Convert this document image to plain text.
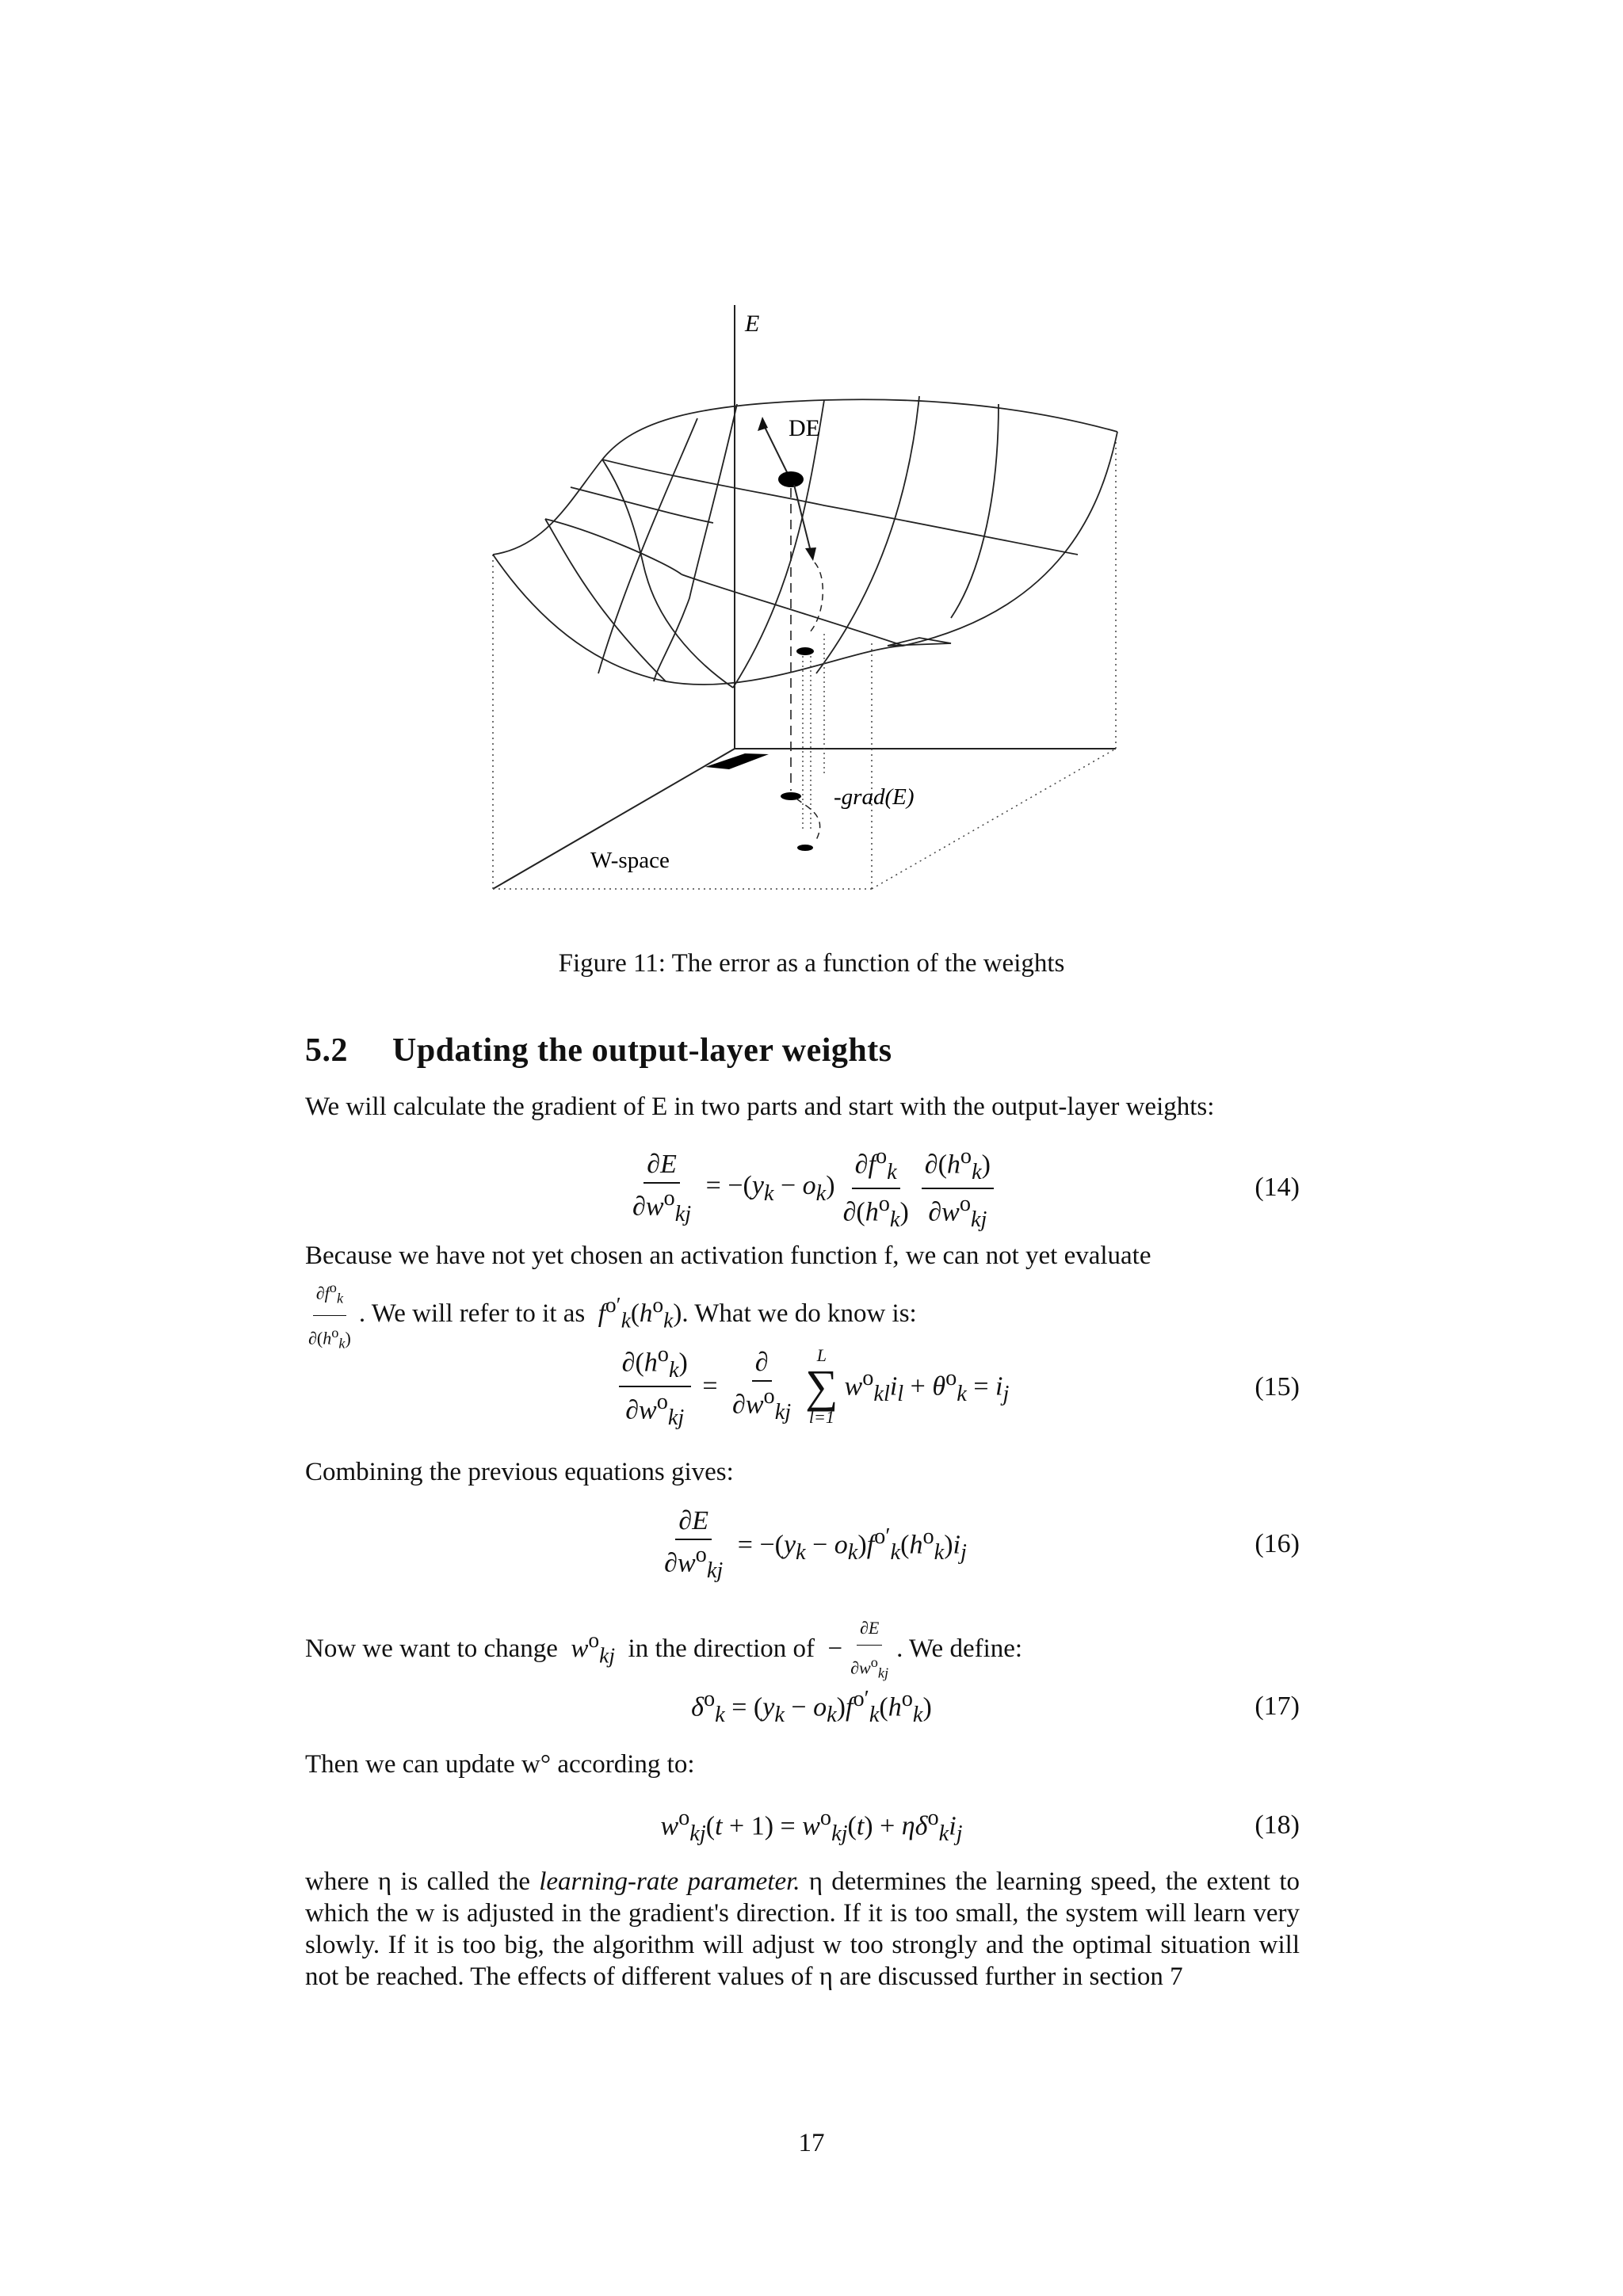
E
DE
-grad(E)
W-space
Figure 11: The error as a function of the weights
5.2 Updating the output-layer weights
We will calculate the gradient of E in two parts and start with the output-layer weights:
$\frac{\partial E}{\partial w^o_{kj}} = -(y_k - o_k) \frac{\partial f^o_k}{\partial(h^o_k)} \frac{\partial(h^o_k)}{\partial w^o_{kj}}$	(14)
Because we have not yet chosen an activation function f, we can not yet evaluate

$\frac{\partial f^o_k}{\partial(h^o_k)}$ . We will refer to it as $f^{o'}_k(h^o_k)$. What we do know is:
$\frac{\partial(h^o_k)}{\partial w^o_{kj}} = \frac{\partial}{\partial w^o_{kj}}$ L
∑
l=1
$w^o_{kl}i_l + \theta^o_k = i_j$	(15)
Combining the previous equations gives:
$\frac{\partial E}{\partial w^o_{kj}} = -(y_k - o_k)f^{o'}_k(h^o_k)i_j$	(16)
Now we want to change $w^o_{kj}$ in the direction of  − $\frac{\partial E}{\partial w^o_{kj}}$ . We define:
$\delta^o_k = (y_k - o_k)f^{o'}_k(h^o_k)$	(17)
Then we can update w° according to:
$w^o_{kj}(t + 1) = w^o_{kj}(t) + \eta\delta^o_ki_j$	(18)
where η is called the learning-rate parameter. η determines the learning speed, the extent to which the w is adjusted in the gradient's direction. If it is too small, the system will learn very slowly. If it is too big, the algorithm will adjust w too strongly and the optimal situation will not be reached. The effects of different values of η are discussed further in section 7
17
